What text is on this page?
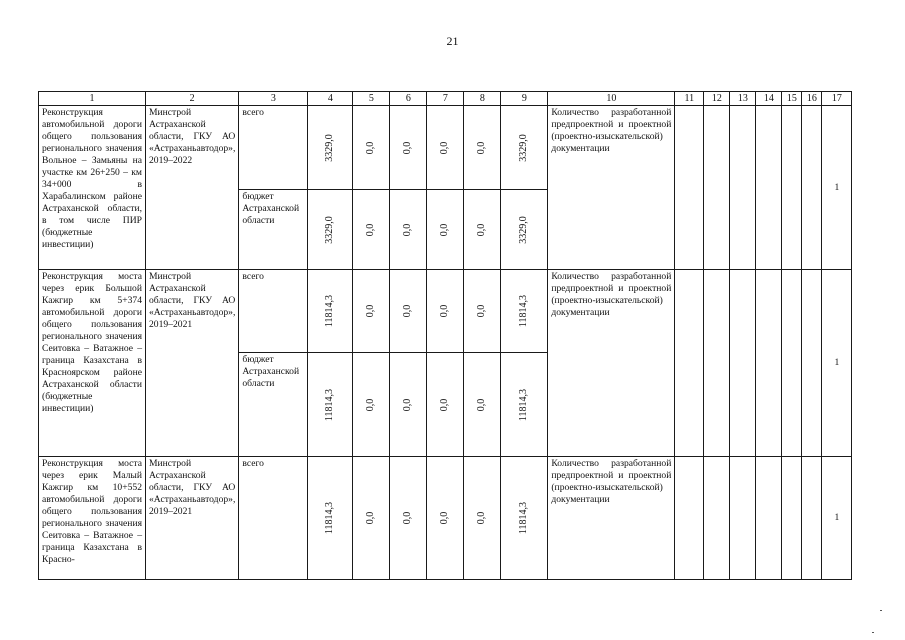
21
1	2	3	4	5	6	7	8	9	10	11	12	13	14	15	16	17

Реконструкция автомобильной дороги общего пользования регионального значения Вольное – Замьяны на участке км 26+250 – км 34+000 в Харабалинском районе Астраханской области, в том числе ПИР (бюджетные инвестиции)	Минстрой Астраханской области, ГКУ АО «Астраханьавтодор», 2019–2022	всего	3329,0	0,0	0,0	0,0	0,0	3329,0	Количество разработанной предпроектной и проектной (проектно-изыскательской) документации							1

		бюджет Астраханской области	3329,0	0,0	0,0	0,0	0,0	3329,0								

Реконструкция моста через ерик Большой Кажгир км 5+374 автомобильной дороги общего пользования регионального значения Сеитовка – Ватажное – граница Казахстана в Красноярском районе Астраханской области (бюджетные инвестиции)	Минстрой Астраханской области, ГКУ АО «Астраханьавтодор», 2019–2021	всего	11814,3	0,0	0,0	0,0	0,0	11814,3	Количество разработанной предпроектной и проектной (проектно-изыскательской) документации							1

		бюджет Астраханской области	11814,3	0,0	0,0	0,0	0,0	11814,3								

Реконструкция моста через ерик Малый Кажгир км 10+552 автомобильной дороги общего пользования регионального значения Сеитовка – Ватажное – граница Казахстана в Красно-	Минстрой Астраханской области, ГКУ АО «Астраханьавтодор», 2019–2021	всего	11814,3	0,0	0,0	0,0	0,0	11814,3	Количество разработанной предпроектной и проектной (проектно-изыскательской) документации							1
